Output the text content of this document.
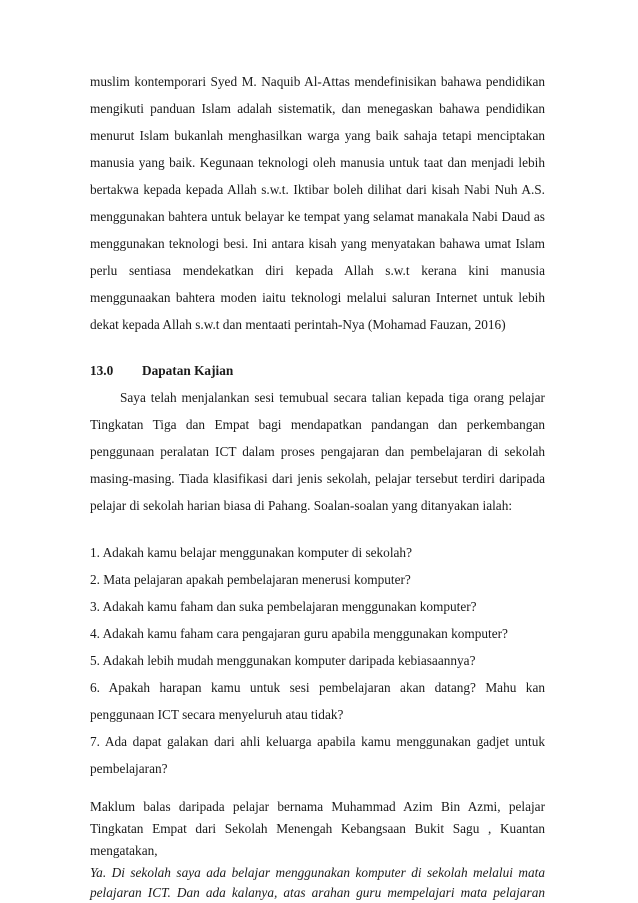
muslim kontemporari Syed M. Naquib Al-Attas mendefinisikan bahawa pendidikan
mengikuti panduan Islam adalah sistematik, dan menegaskan bahawa pendidikan
menurut Islam bukanlah menghasilkan warga yang baik sahaja tetapi menciptakan
manusia yang baik. Kegunaan teknologi oleh manusia untuk taat dan menjadi lebih
bertakwa kepada kepada Allah s.w.t. Iktibar boleh dilihat dari kisah Nabi Nuh A.S.
menggunakan bahtera untuk belayar ke tempat yang selamat manakala Nabi Daud as
menggunakan teknologi besi. Ini antara kisah yang menyatakan bahawa umat Islam
perlu sentiasa mendekatkan diri kepada Allah s.w.t kerana kini manusia
menggunaakan bahtera moden iaitu teknologi melalui saluran Internet untuk lebih
dekat kepada Allah s.w.t dan mentaati perintah-Nya (Mohamad Fauzan, 2016)
13.0 Dapatan Kajian
Saya telah menjalankan sesi temubual secara talian kepada tiga orang pelajar
Tingkatan Tiga dan Empat bagi mendapatkan pandangan dan perkembangan
penggunaan peralatan ICT dalam proses pengajaran dan pembelajaran di sekolah
masing-masing. Tiada klasifikasi dari jenis sekolah, pelajar tersebut terdiri daripada
pelajar di sekolah harian biasa di Pahang. Soalan-soalan yang ditanyakan ialah:
1. Adakah kamu belajar menggunakan komputer di sekolah?
2. Mata pelajaran apakah pembelajaran menerusi komputer?
3. Adakah kamu faham dan suka pembelajaran menggunakan komputer?
4. Adakah kamu faham cara pengajaran guru apabila menggunakan komputer?
5. Adakah lebih mudah menggunakan komputer daripada kebiasaannya?
6. Apakah harapan kamu untuk sesi pembelajaran akan datang? Mahu kan
penggunaan ICT secara menyeluruh atau tidak?
7. Ada dapat galakan dari ahli keluarga apabila kamu menggunakan gadjet untuk
pembelajaran?
Maklum balas daripada pelajar bernama Muhammad Azim Bin Azmi, pelajar
Tingkatan Empat dari Sekolah Menengah Kebangsaan Bukit Sagu , Kuantan
mengatakan,
Ya. Di sekolah saya ada belajar menggunakan komputer di sekolah melalui mata
pelajaran ICT. Dan ada kalanya, atas arahan guru mempelajari mata pelajaran
